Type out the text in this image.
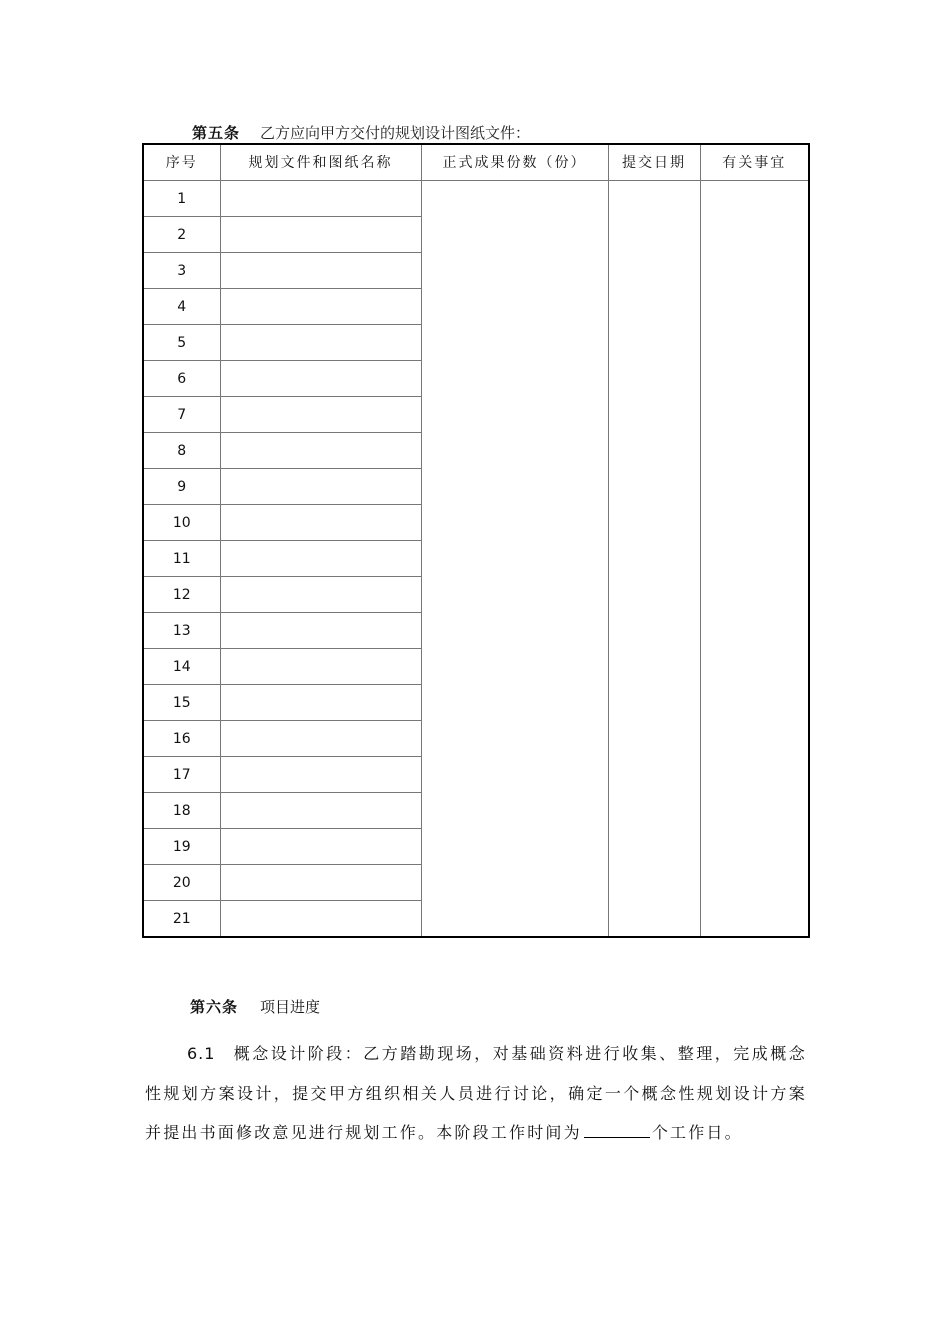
第五条 乙方应向甲方交付的规划设计图纸文件：
序号	规划文件和图纸名称	正式成果份数（份）	提交日期	有关事宜
1				
2				
3				
4				
5				
6				
7				
8				
9				
10				
11				
12				
13				
14				
15				
16				
17				
18				
19				
20				
21				
第六条 项目进度
6.1 概念设计阶段：乙方踏勘现场，对基础资料进行收集、整理，完成概念性规划方案设计，提交甲方组织相关人员进行讨论，确定一个概念性规划设计方案并提出书面修改意见进行规划工作。本阶段工作时间为	个工作日。
